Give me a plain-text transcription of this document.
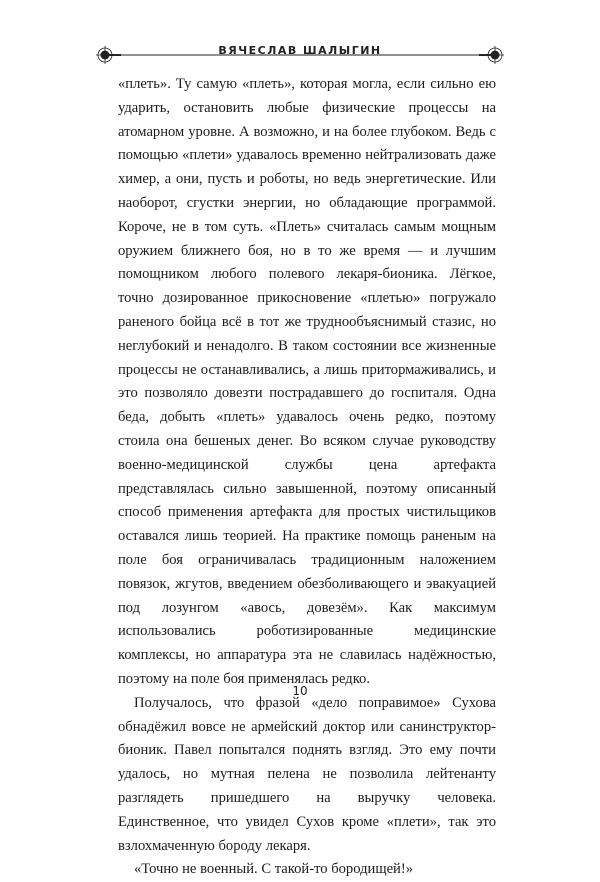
ВЯЧЕСЛАВ ШАЛЫГИН

«плеть». Ту самую «плеть», которая могла, если сильно ею ударить, остановить любые физические процессы на атомарном уровне. А возможно, и на более глубоком. Ведь с помощью «плети» удавалось временно нейтрализовать даже химер, а они, пусть и роботы, но ведь энергетические. Или наоборот, сгустки энергии, но обладающие программой. Короче, не в том суть. «Плеть» считалась самым мощным оружием ближнего боя, но в то же время — и лучшим помощником любого полевого лекаря-бионика. Лёгкое, точно дозированное прикосновение «плетью» погружало раненого бойца всё в тот же труднообъяснимый стазис, но неглубокий и ненадолго. В таком состоянии все жизненные процессы не останавливались, а лишь притормаживались, и это позволяло довезти пострадавшего до госпиталя. Одна беда, добыть «плеть» удавалось очень редко, поэтому стоила она бешеных денег. Во всяком случае руководству военно-медицинской службы цена артефакта представлялась сильно завышенной, поэтому описанный способ применения артефакта для простых чистильщиков оставался лишь теорией. На практике помощь раненым на поле боя ограничивалась традиционным наложением повязок, жгутов, введением обезболивающего и эвакуацией под лозунгом «авось, довезём». Как максимум использовались роботизированные медицинские комплексы, но аппаратура эта не славилась надёжностью, поэтому на поле боя применялась редко.

Получалось, что фразой «дело поправимое» Сухова обнадёжил вовсе не армейский доктор или санинструктор-бионик. Павел попытался поднять взгляд. Это ему почти удалось, но мутная пелена не позволила лейтенанту разглядеть пришедшего на выручку человека. Единственное, что увидел Сухов кроме «плети», так это взлохмаченную бороду лекаря.

«Точно не военный. С такой-то бородищей!»

10
